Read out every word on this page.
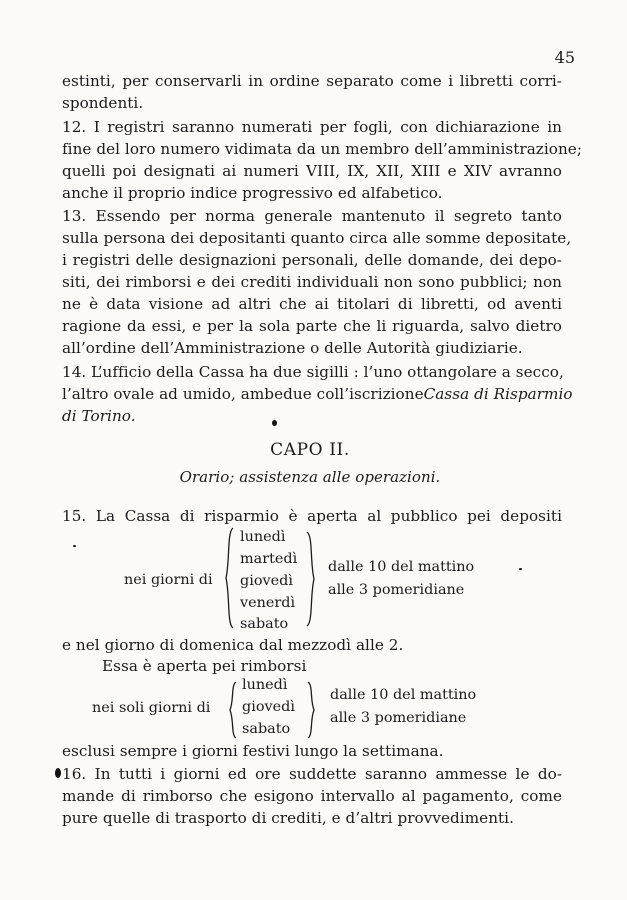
45
estinti, per conservarli in ordine separato come i libretti corri-
spondenti.
12. I registri saranno numerati per fogli, con dichiarazione in
fine del loro numero vidimata da un membro dell’amministrazione;
quelli poi designati ai numeri VIII, IX, XII, XIII e XIV avranno
anche il proprio indice progressivo ed alfabetico.
13. Essendo per norma generale mantenuto il segreto tanto
sulla persona dei depositanti quanto circa alle somme depositate,
i registri delle designazioni personali, delle domande, dei depo-
siti, dei rimborsi e dei crediti individuali non sono pubblici; non
ne è data visione ad altri che ai titolari di libretti, od aventi
ragione da essi, e per la sola parte che li riguarda, salvo dietro
all’ordine dell’Amministrazione o delle Autorità giudiziarie.
14. L’ufficio della Cassa ha due sigilli : l’uno ottangolare a secco,
l’altro ovale ad umido, ambedue coll’iscrizione Cassa di Risparmio
di Torino.
CAPO II.
Orario; assistenza alle operazioni.
15. La Cassa di risparmio è aperta al pubblico pei depositi
nei giorni di
lunedì
martedì
giovedì
venerdì
sabato
dalle 10 del mattino
alle 3 pomeridiane
e nel giorno di domenica dal mezzodì alle 2.
Essa è aperta pei rimborsi
nei soli giorni di
lunedì
giovedì
sabato
dalle 10 del mattino
alle 3 pomeridiane
esclusi sempre i giorni festivi lungo la settimana.
16. In tutti i giorni ed ore suddette saranno ammesse le do-
mande di rimborso che esigono intervallo al pagamento, come
pure quelle di trasporto di crediti, e d’altri provvedimenti.
